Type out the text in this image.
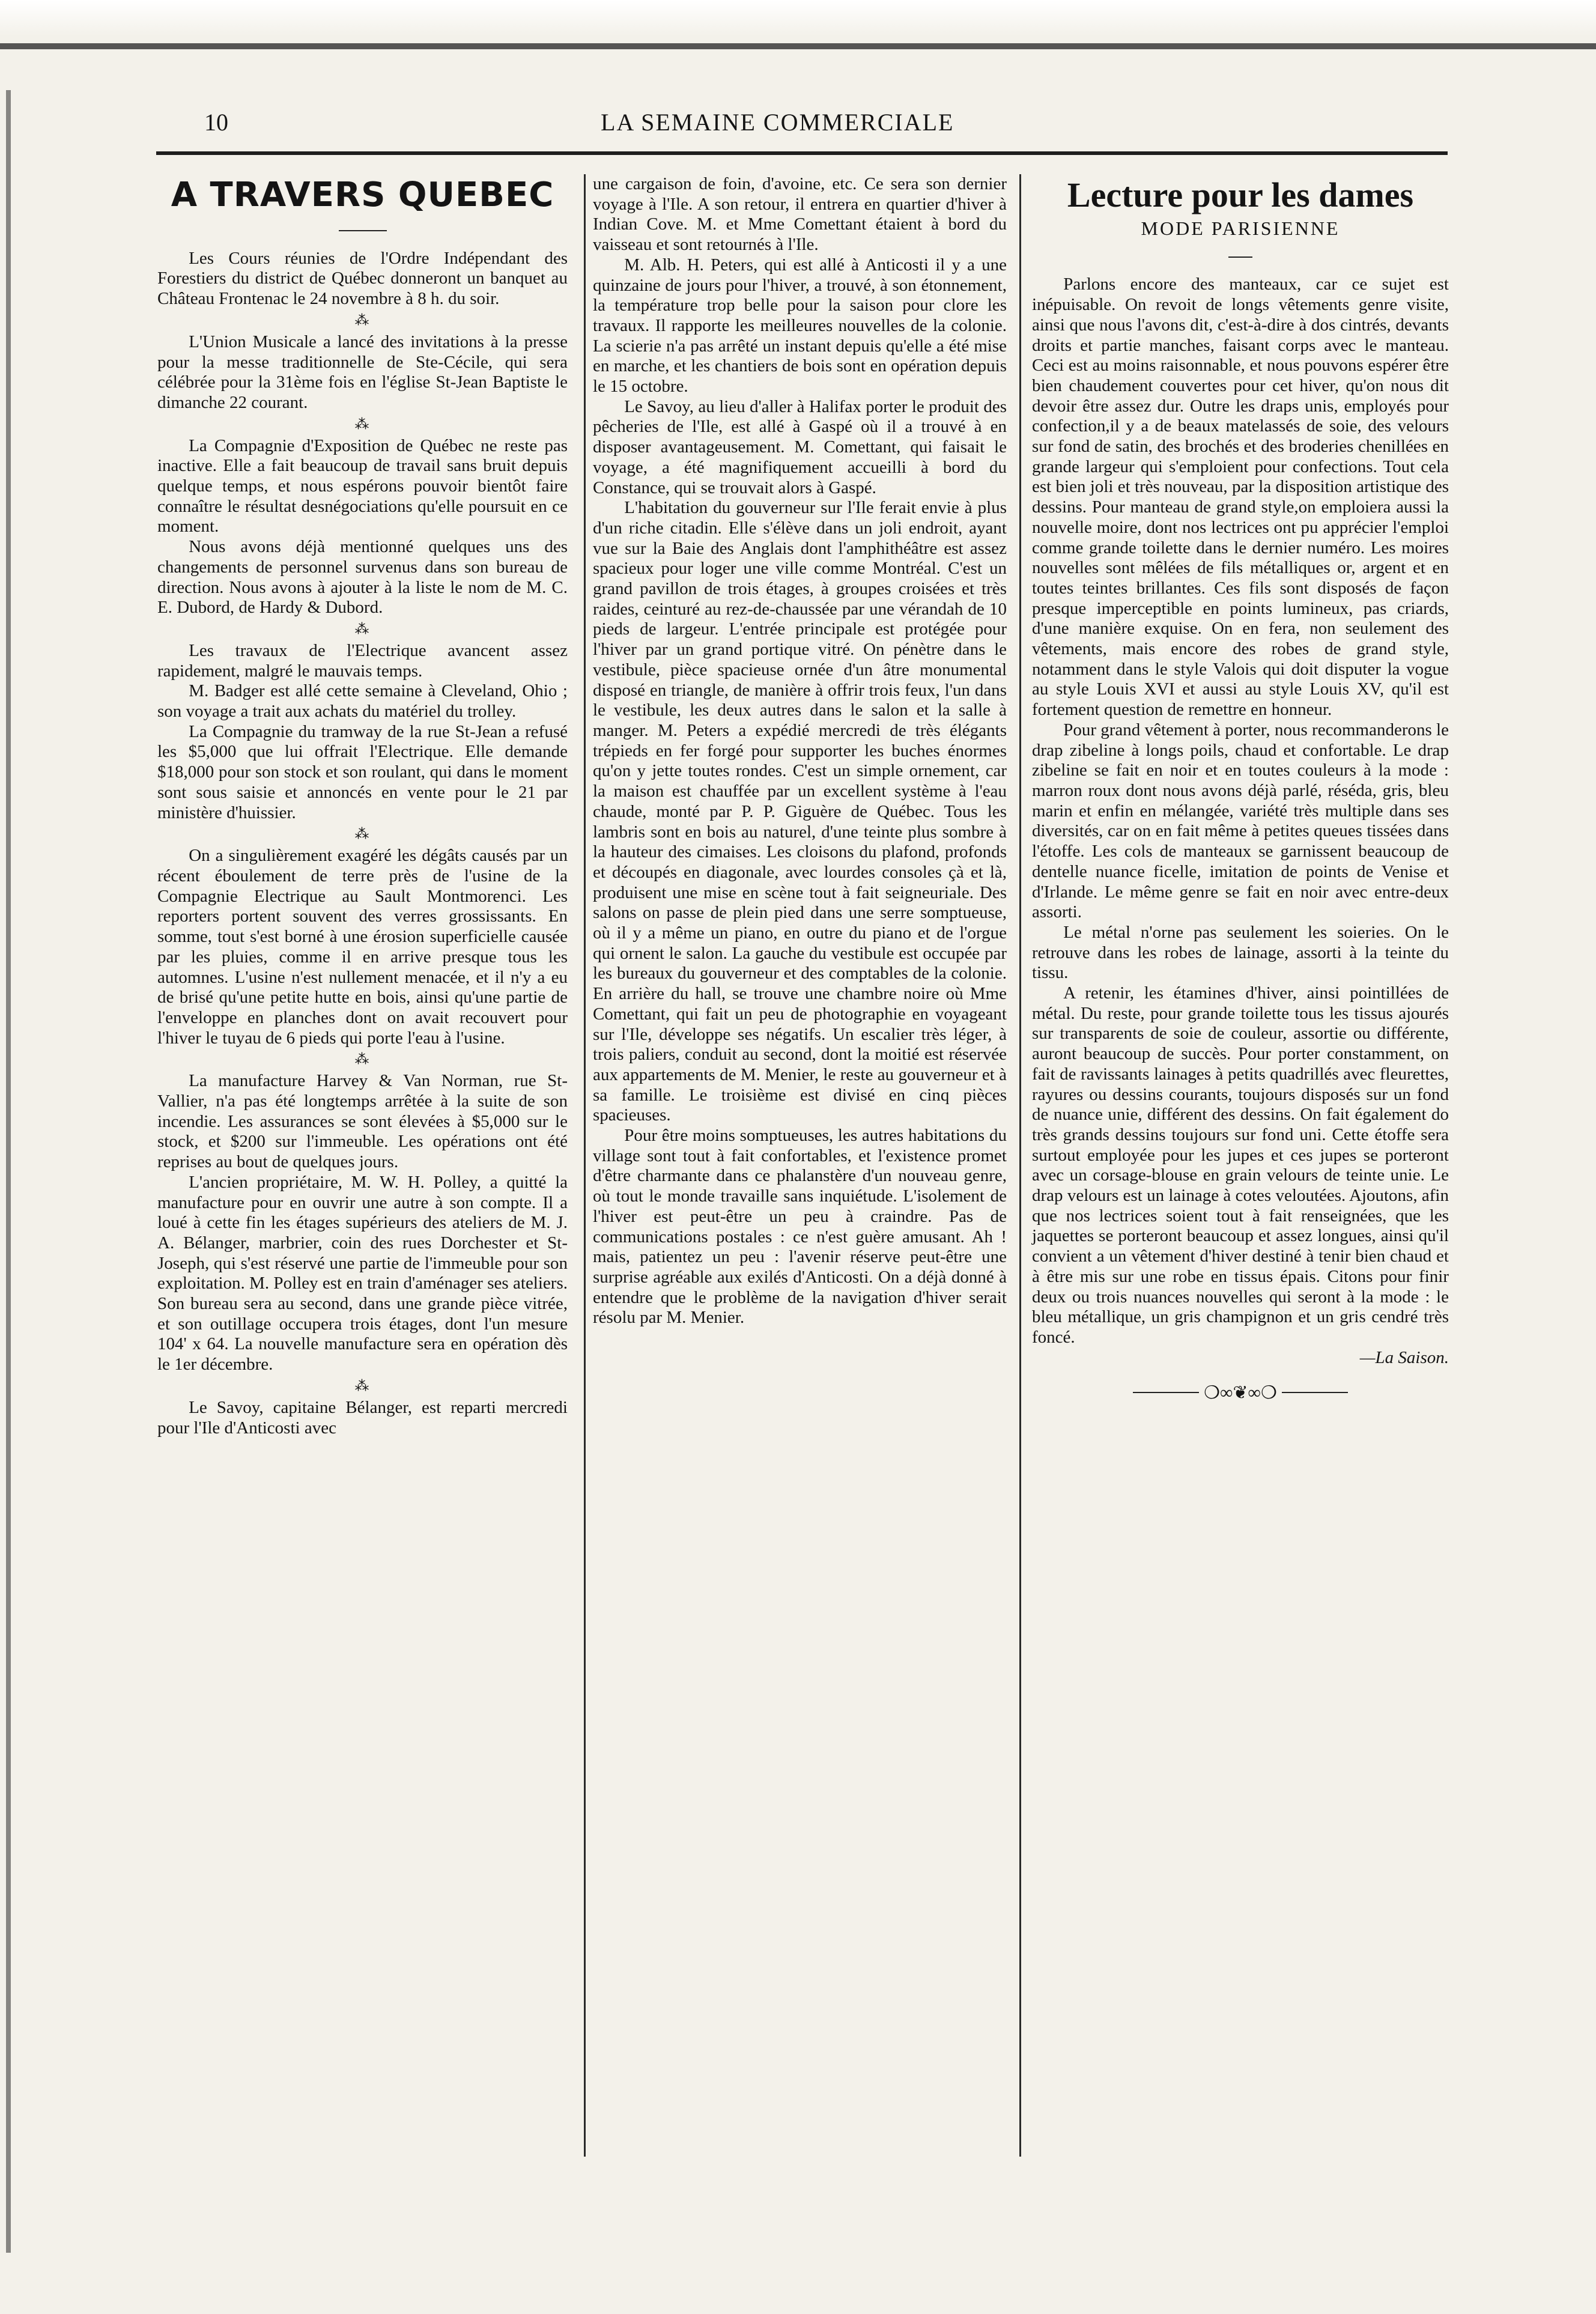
10	LA SEMAINE COMMERCIALE
A TRAVERS QUEBEC

Les Cours réunies de l'Ordre Indépendant des Forestiers du district de Québec donneront un banquet au Château Frontenac le 24 novembre à 8 h. du soir.

⁂

L'Union Musicale a lancé des invitations à la presse pour la messe traditionnelle de Ste-Cécile, qui sera célébrée pour la 31ème fois en l'église St-Jean Baptiste le dimanche 22 courant.

⁂

La Compagnie d'Exposition de Québec ne reste pas inactive. Elle a fait beaucoup de travail sans bruit depuis quelque temps, et nous espérons pouvoir bientôt faire connaître le résultat desnégociations qu'elle poursuit en ce moment.

Nous avons déjà mentionné quelques uns des changements de personnel survenus dans son bureau de direction. Nous avons à ajouter à la liste le nom de M. C. E. Dubord, de Hardy & Dubord.

⁂

Les travaux de l'Electrique avancent assez rapidement, malgré le mauvais temps.

M. Badger est allé cette semaine à Cleveland, Ohio ; son voyage a trait aux achats du matériel du trolley.

La Compagnie du tramway de la rue St-Jean a refusé les $5,000 que lui offrait l'Electrique. Elle demande $18,000 pour son stock et son roulant, qui dans le moment sont sous saisie et annoncés en vente pour le 21 par ministère d'huissier.

⁂

On a singulièrement exagéré les dégâts causés par un récent éboulement de terre près de l'usine de la Compagnie Electrique au Sault Montmorenci. Les reporters portent souvent des verres grossissants. En somme, tout s'est borné à une érosion superficielle causée par les pluies, comme il en arrive presque tous les automnes. L'usine n'est nullement menacée, et il n'y a eu de brisé qu'une petite hutte en bois, ainsi qu'une partie de l'enveloppe en planches dont on avait recouvert pour l'hiver le tuyau de 6 pieds qui porte l'eau à l'usine.

⁂

La manufacture Harvey & Van Norman, rue St-Vallier, n'a pas été longtemps arrêtée à la suite de son incendie. Les assurances se sont élevées à $5,000 sur le stock, et $200 sur l'immeuble. Les opérations ont été reprises au bout de quelques jours.

L'ancien propriétaire, M. W. H. Polley, a quitté la manufacture pour en ouvrir une autre à son compte. Il a loué à cette fin les étages supérieurs des ateliers de M. J. A. Bélanger, marbrier, coin des rues Dorchester et St-Joseph, qui s'est réservé une partie de l'immeuble pour son exploitation. M. Polley est en train d'aménager ses ateliers. Son bureau sera au second, dans une grande pièce vitrée, et son outillage occupera trois étages, dont l'un mesure 104' x 64. La nouvelle manufacture sera en opération dès le 1er décembre.

⁂

Le Savoy, capitaine Bélanger, est reparti mercredi pour l'Ile d'Anticosti avec

une cargaison de foin, d'avoine, etc. Ce sera son dernier voyage à l'Ile. A son retour, il entrera en quartier d'hiver à Indian Cove. M. et Mme Comettant étaient à bord du vaisseau et sont retournés à l'Ile.

M. Alb. H. Peters, qui est allé à Anticosti il y a une quinzaine de jours pour l'hiver, a trouvé, à son étonnement, la température trop belle pour la saison pour clore les travaux. Il rapporte les meilleures nouvelles de la colonie. La scierie n'a pas arrêté un instant depuis qu'elle a été mise en marche, et les chantiers de bois sont en opération depuis le 15 octobre.

Le Savoy, au lieu d'aller à Halifax porter le produit des pêcheries de l'Ile, est allé à Gaspé où il a trouvé à en disposer avantageusement. M. Comettant, qui faisait le voyage, a été magnifiquement accueilli à bord du Constance, qui se trouvait alors à Gaspé.

L'habitation du gouverneur sur l'Ile ferait envie à plus d'un riche citadin. Elle s'élève dans un joli endroit, ayant vue sur la Baie des Anglais dont l'amphithéâtre est assez spacieux pour loger une ville comme Montréal. C'est un grand pavillon de trois étages, à groupes croisées et très raides, ceinturé au rez-de-chaussée par une vérandah de 10 pieds de largeur. L'entrée principale est protégée pour l'hiver par un grand portique vitré. On pénètre dans le vestibule, pièce spacieuse ornée d'un âtre monumental disposé en triangle, de manière à offrir trois feux, l'un dans le vestibule, les deux autres dans le salon et la salle à manger. M. Peters a expédié mercredi de très élégants trépieds en fer forgé pour supporter les buches énormes qu'on y jette toutes rondes. C'est un simple ornement, car la maison est chauffée par un excellent système à l'eau chaude, monté par P. P. Giguère de Québec. Tous les lambris sont en bois au naturel, d'une teinte plus sombre à la hauteur des cimaises. Les cloisons du plafond, profonds et découpés en diagonale, avec lourdes consoles çà et là, produisent une mise en scène tout à fait seigneuriale. Des salons on passe de plein pied dans une serre somptueuse, où il y a même un piano, en outre du piano et de l'orgue qui ornent le salon. La gauche du vestibule est occupée par les bureaux du gouverneur et des comptables de la colonie. En arrière du hall, se trouve une chambre noire où Mme Comettant, qui fait un peu de photographie en voyageant sur l'Ile, développe ses négatifs. Un escalier très léger, à trois paliers, conduit au second, dont la moitié est réservée aux appartements de M. Menier, le reste au gouverneur et à sa famille. Le troisième est divisé en cinq pièces spacieuses.

Pour être moins somptueuses, les autres habitations du village sont tout à fait confortables, et l'existence promet d'être charmante dans ce phalanstère d'un nouveau genre, où tout le monde travaille sans inquiétude. L'isolement de l'hiver est peut-être un peu à craindre. Pas de communications postales : ce n'est guère amusant. Ah ! mais, patientez un peu : l'avenir réserve peut-être une surprise agréable aux exilés d'Anticosti. On a déjà donné à entendre que le problème de la navigation d'hiver serait résolu par M. Menier.

Lecture pour les dames
MODE PARISIENNE

Parlons encore des manteaux, car ce sujet est inépuisable. On revoit de longs vêtements genre visite, ainsi que nous l'avons dit, c'est-à-dire à dos cintrés, devants droits et partie manches, faisant corps avec le manteau. Ceci est au moins raisonnable, et nous pouvons espérer être bien chaudement couvertes pour cet hiver, qu'on nous dit devoir être assez dur. Outre les draps unis, employés pour confection,il y a de beaux matelassés de soie, des velours sur fond de satin, des brochés et des broderies chenillées en grande largeur qui s'emploient pour confections. Tout cela est bien joli et très nouveau, par la disposition artistique des dessins. Pour manteau de grand style,on emploiera aussi la nouvelle moire, dont nos lectrices ont pu apprécier l'emploi comme grande toilette dans le dernier numéro. Les moires nouvelles sont mêlées de fils métalliques or, argent et en toutes teintes brillantes. Ces fils sont disposés de façon presque imperceptible en points lumineux, pas criards, d'une manière exquise. On en fera, non seulement des vêtements, mais encore des robes de grand style, notamment dans le style Valois qui doit disputer la vogue au style Louis XVI et aussi au style Louis XV, qu'il est fortement question de remettre en honneur.

Pour grand vêtement à porter, nous recommanderons le drap zibeline à longs poils, chaud et confortable. Le drap zibeline se fait en noir et en toutes couleurs à la mode : marron roux dont nous avons déjà parlé, réséda, gris, bleu marin et enfin en mélangée, variété très multiple dans ses diversités, car on en fait même à petites queues tissées dans l'étoffe. Les cols de manteaux se garnissent beaucoup de dentelle nuance ficelle, imitation de points de Venise et d'Irlande. Le même genre se fait en noir avec entre-deux assorti.

Le métal n'orne pas seulement les soieries. On le retrouve dans les robes de lainage, assorti à la teinte du tissu.

A retenir, les étamines d'hiver, ainsi pointillées de métal. Du reste, pour grande toilette tous les tissus ajourés sur transparents de soie de couleur, assortie ou différente, auront beaucoup de succès. Pour porter constamment, on fait de ravissants lainages à petits quadrillés avec fleurettes, rayures ou dessins courants, toujours disposés sur un fond de nuance unie, différent des dessins. On fait également do très grands dessins toujours sur fond uni. Cette étoffe sera surtout employée pour les jupes et ces jupes se porteront avec un corsage-blouse en grain velours de teinte unie. Le drap velours est un lainage à cotes veloutées. Ajoutons, afin que nos lectrices soient tout à fait renseignées, que les jaquettes se porteront beaucoup et assez longues, ainsi qu'il convient a un vêtement d'hiver destiné à tenir bien chaud et à être mis sur une robe en tissus épais. Citons pour finir deux ou trois nuances nouvelles qui seront à la mode : le bleu métallique, un gris champignon et un gris cendré très foncé.

—La Saison.

❍∞❦∞❍
